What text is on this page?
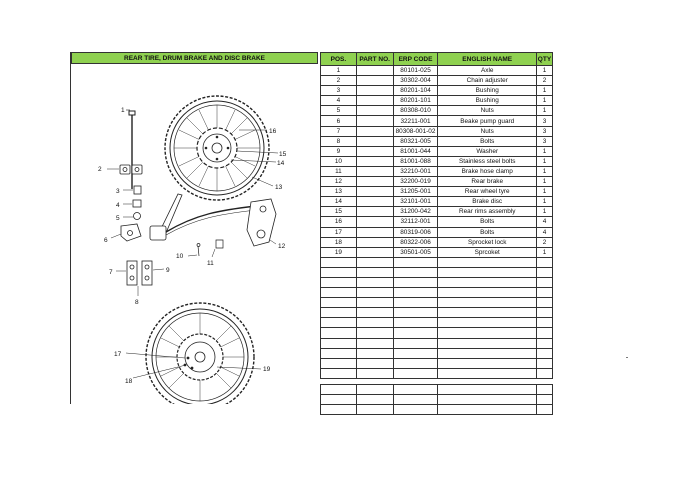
REAR TIRE, DRUM BRAKE AND DISC BRAKE
1
2
3
4
5
6
7
8
9
10
11
12
13
14
15
16
17
18
19
POS.	PART NO.	ERP CODE	ENGLISH NAME	QTY
1		80101-025	Axle	1
2		30302-004	Chain adjuster	2
3		80201-104	Bushing	1
4		80201-101	Bushing	1
5		80308-010	Nuts	1
6		32211-001	Beake pump guard	3
7		80308-001-02	Nuts	3
8		80321-005	Bolts	3
9		81001-044	Washer	1
10		81001-088	Stainless steel bolts	1
11		32210-001	Brake hose clamp	1
12		32200-019	Rear brake	1
13		31205-001	Rear wheel tyre	1
14		32101-001	Brake disc	1
15		31200-042	Rear rims assembly	1
16		32112-001	Bolts	4
17		80319-006	Bolts	4
18		80322-006	Sprocket lock	2
19		30501-005	Sprcoket	1
